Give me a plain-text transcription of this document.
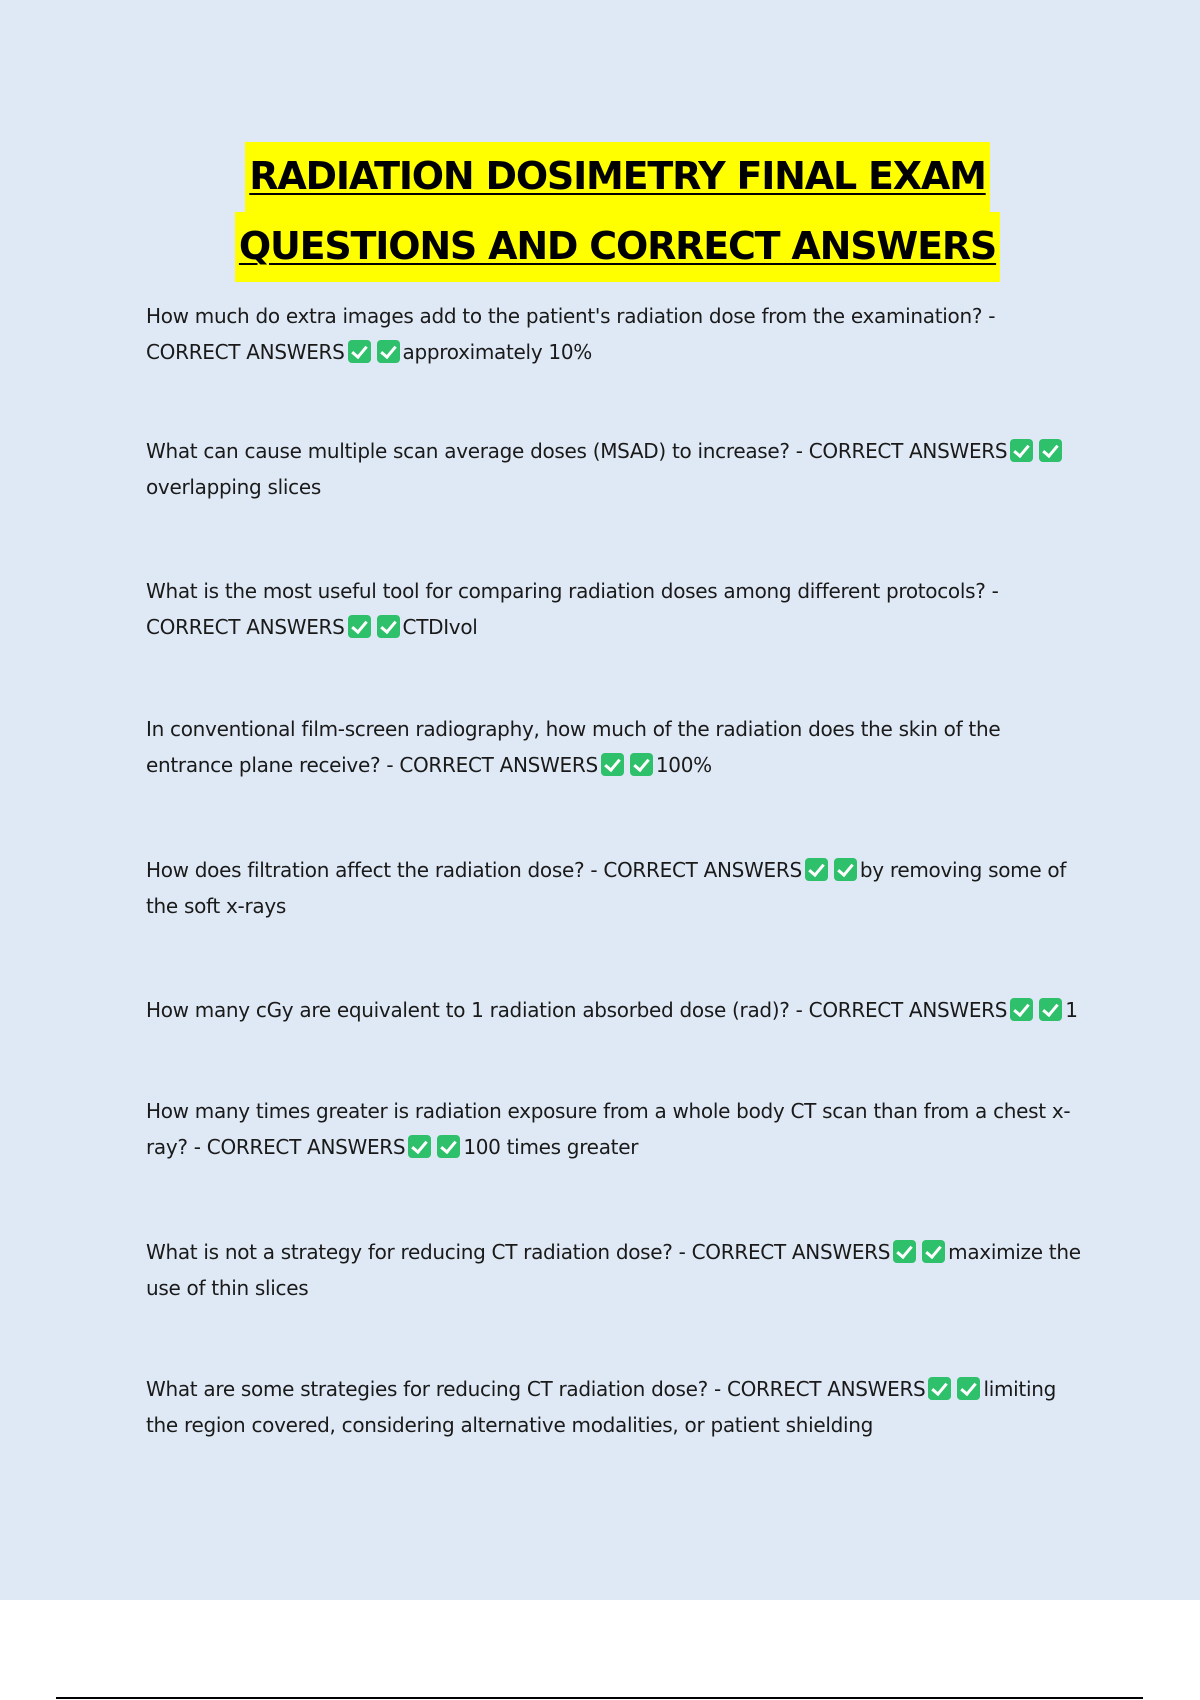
RADIATION DOSIMETRY FINAL EXAM
QUESTIONS AND CORRECT ANSWERS
How much do extra images add to the patient's radiation dose from the examination? - CORRECT ANSWERS	approximately 10%
What can cause multiple scan average doses (MSAD) to increase? - CORRECT ANSWERSoverlapping slices
What is the most useful tool for comparing radiation doses among different protocols? - CORRECT ANSWERS	CTDIvol
In conventional film-screen radiography, how much of the radiation does the skin of the entrance plane receive? - CORRECT ANSWERS	100%
How does filtration affect the radiation dose? - CORRECT ANSWERS	by removing some of the soft x-rays
How many cGy are equivalent to 1 radiation absorbed dose (rad)? - CORRECT ANSWERS	1
How many times greater is radiation exposure from a whole body CT scan than from a chest x-ray? - CORRECT ANSWERS	100 times greater
What is not a strategy for reducing CT radiation dose? - CORRECT ANSWERS	maximize the use of thin slices
What are some strategies for reducing CT radiation dose? - CORRECT ANSWERS	limiting the region covered, considering alternative modalities, or patient shielding
